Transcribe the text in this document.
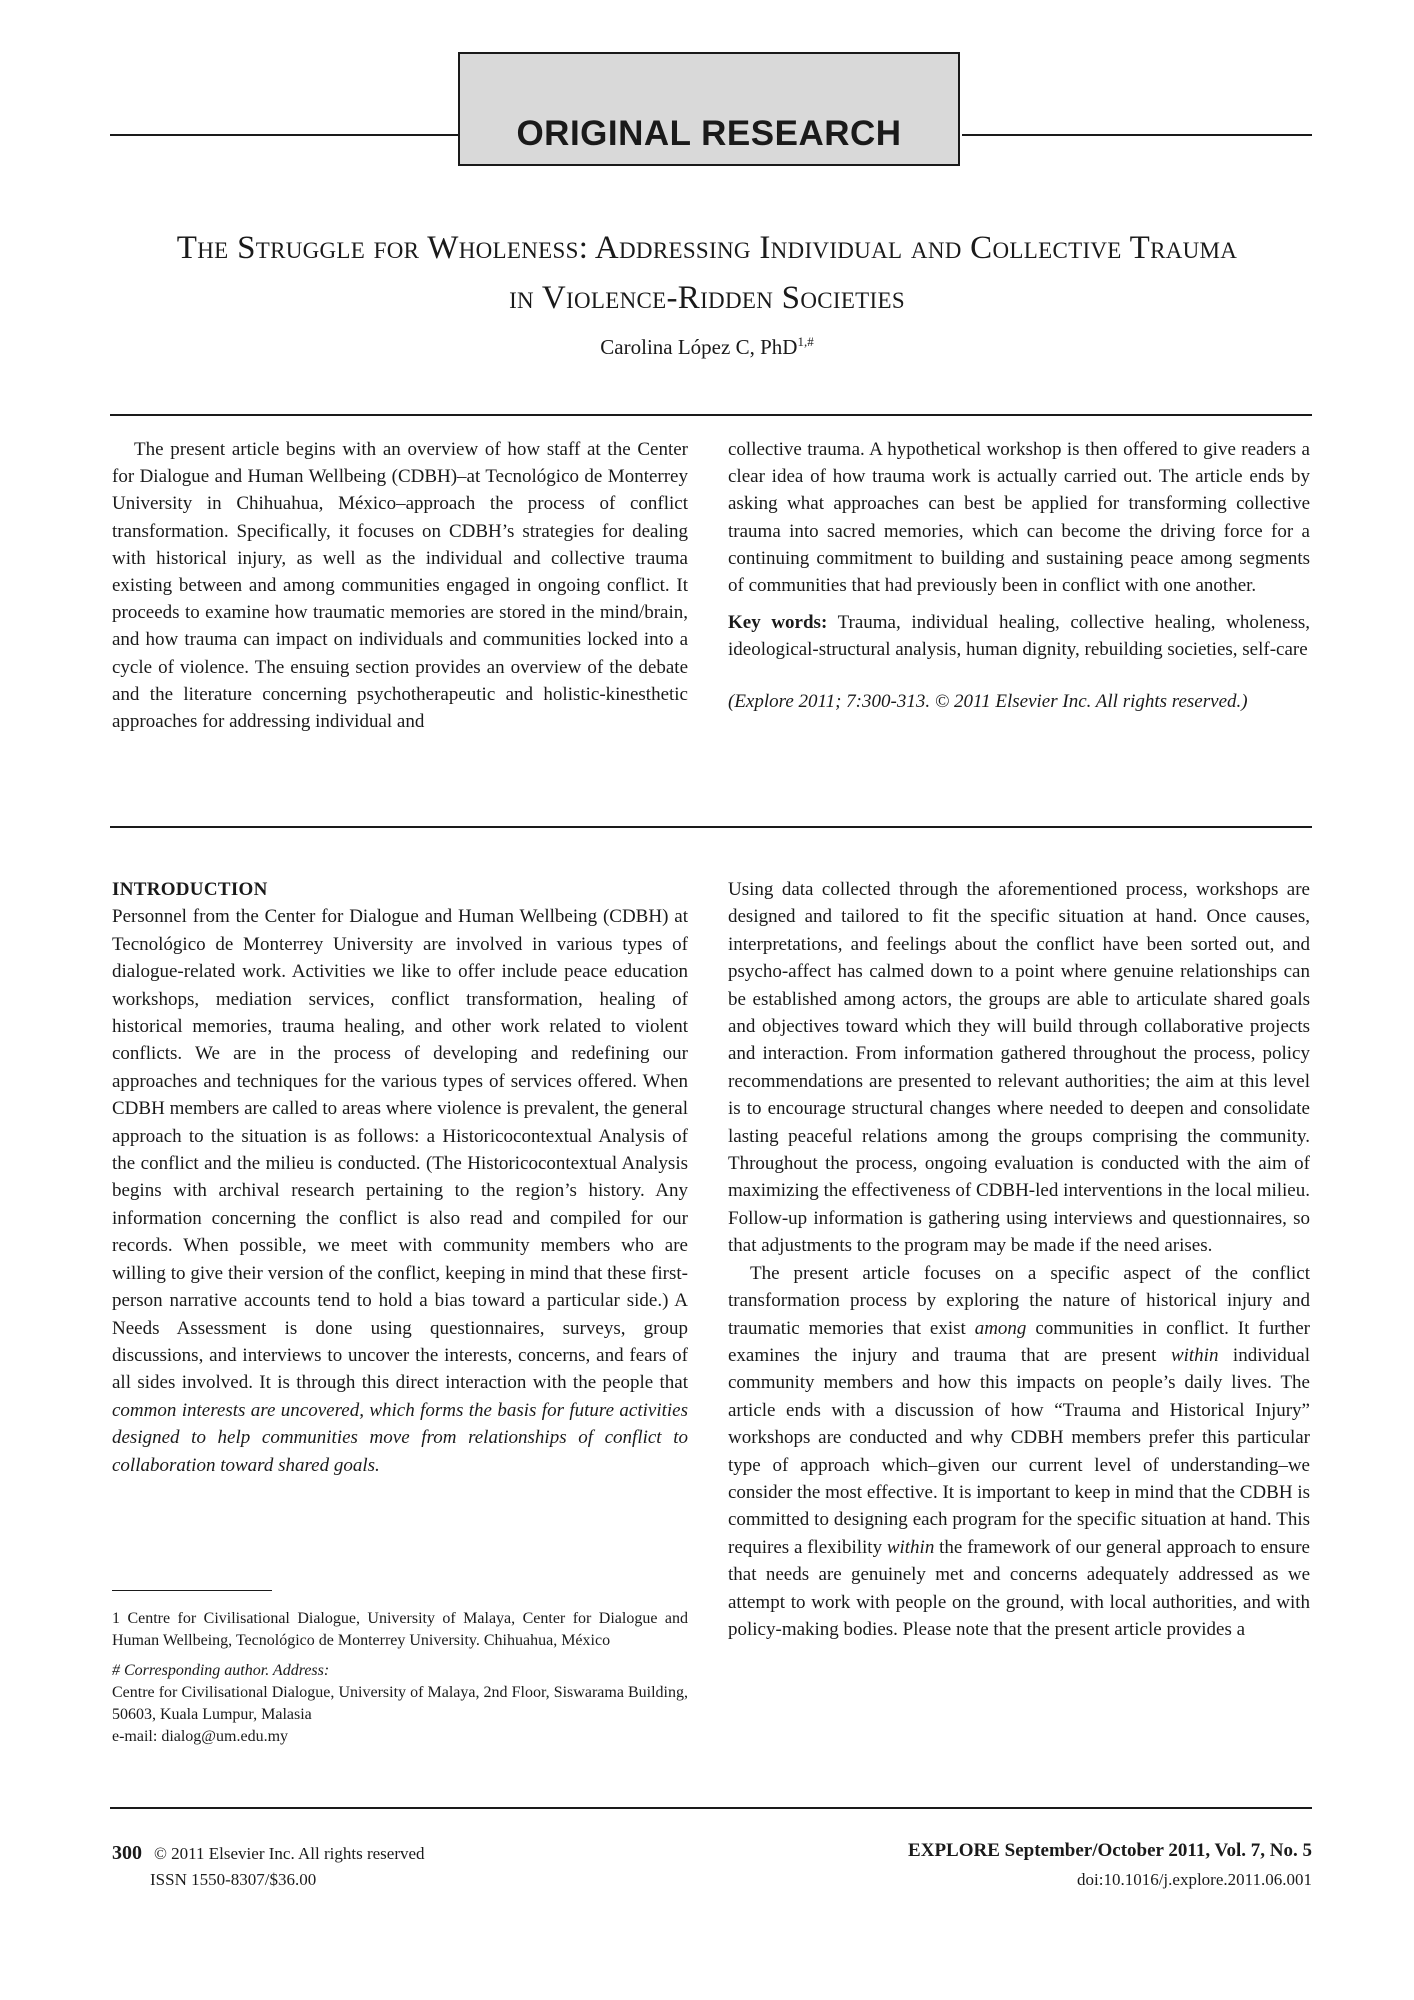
ORIGINAL RESEARCH
The Struggle for Wholeness: Addressing Individual and Collective Trauma
in Violence-Ridden Societies
Carolina López C, PhD$^{1,\#}$

The present article begins with an overview of how staff at the Center for Dialogue and Human Wellbeing (CDBH)–at Tecnológico de Monterrey University in Chihuahua, México–approach the process of conflict transformation. Specifically, it focuses on CDBH’s strategies for dealing with historical injury, as well as the individual and collective trauma existing between and among communities engaged in ongoing conflict. It proceeds to examine how traumatic memories are stored in the mind/brain, and how trauma can impact on individuals and communities locked into a cycle of violence. The ensuing section provides an overview of the debate and the literature concerning psychotherapeutic and holistic-kinesthetic approaches for addressing individual and

collective trauma. A hypothetical workshop is then offered to give readers a clear idea of how trauma work is actually carried out. The article ends by asking what approaches can best be applied for transforming collective trauma into sacred memories, which can become the driving force for a continuing commitment to building and sustaining peace among segments of communities that had previously been in conflict with one another.

Key words: Trauma, individual healing, collective healing, wholeness, ideological-structural analysis, human dignity, rebuilding societies, self-care

(Explore 2011; 7:300-313. © 2011 Elsevier Inc. All rights reserved.)

INTRODUCTION

Personnel from the Center for Dialogue and Human Wellbeing (CDBH) at Tecnológico de Monterrey University are involved in various types of dialogue-related work. Activities we like to offer include peace education workshops, mediation services, conflict transformation, healing of historical memories, trauma healing, and other work related to violent conflicts. We are in the process of developing and redefining our approaches and techniques for the various types of services offered. When CDBH members are called to areas where violence is prevalent, the general approach to the situation is as follows: a Historicocontextual Analysis of the conflict and the milieu is conducted. (The Historicocontextual Analysis begins with archival research pertaining to the region’s history. Any information concerning the conflict is also read and compiled for our records. When possible, we meet with community members who are willing to give their version of the conflict, keeping in mind that these first-person narrative accounts tend to hold a bias toward a particular side.) A Needs Assessment is done using questionnaires, surveys, group discussions, and interviews to uncover the interests, concerns, and fears of all sides involved. It is through this direct interaction with the people that common interests are uncovered, which forms the basis for future activities designed to help communities move from relationships of conflict to collaboration toward shared goals.

Using data collected through the aforementioned process, workshops are designed and tailored to fit the specific situation at hand. Once causes, interpretations, and feelings about the conflict have been sorted out, and psycho-affect has calmed down to a point where genuine relationships can be established among actors, the groups are able to articulate shared goals and objectives toward which they will build through collaborative projects and interaction. From information gathered throughout the process, policy recommendations are presented to relevant authorities; the aim at this level is to encourage structural changes where needed to deepen and consolidate lasting peaceful relations among the groups comprising the community. Throughout the process, ongoing evaluation is conducted with the aim of maximizing the effectiveness of CDBH-led interventions in the local milieu. Follow-up information is gathering using interviews and questionnaires, so that adjustments to the program may be made if the need arises.

The present article focuses on a specific aspect of the conflict transformation process by exploring the nature of historical injury and traumatic memories that exist among communities in conflict. It further examines the injury and trauma that are present within individual community members and how this impacts on people’s daily lives. The article ends with a discussion of how “Trauma and Historical Injury” workshops are conducted and why CDBH members prefer this particular type of approach which–given our current level of understanding–we consider the most effective. It is important to keep in mind that the CDBH is committed to designing each program for the specific situation at hand. This requires a flexibility within the framework of our general approach to ensure that needs are genuinely met and concerns adequately addressed as we attempt to work with people on the ground, with local authorities, and with policy-making bodies. Please note that the present article provides a

1 Centre for Civilisational Dialogue, University of Malaya, Center for Dialogue and Human Wellbeing, Tecnológico de Monterrey University. Chihuahua, México

# Corresponding author. Address:

Centre for Civilisational Dialogue, University of Malaya, 2nd Floor, Siswarama Building, 50603, Kuala Lumpur, Malasia

e-mail: dialog@um.edu.my

300 © 2011 Elsevier Inc. All rights reserved
ISSN 1550-8307/$36.00
EXPLORE September/October 2011, Vol. 7, No. 5
doi:10.1016/j.explore.2011.06.001
